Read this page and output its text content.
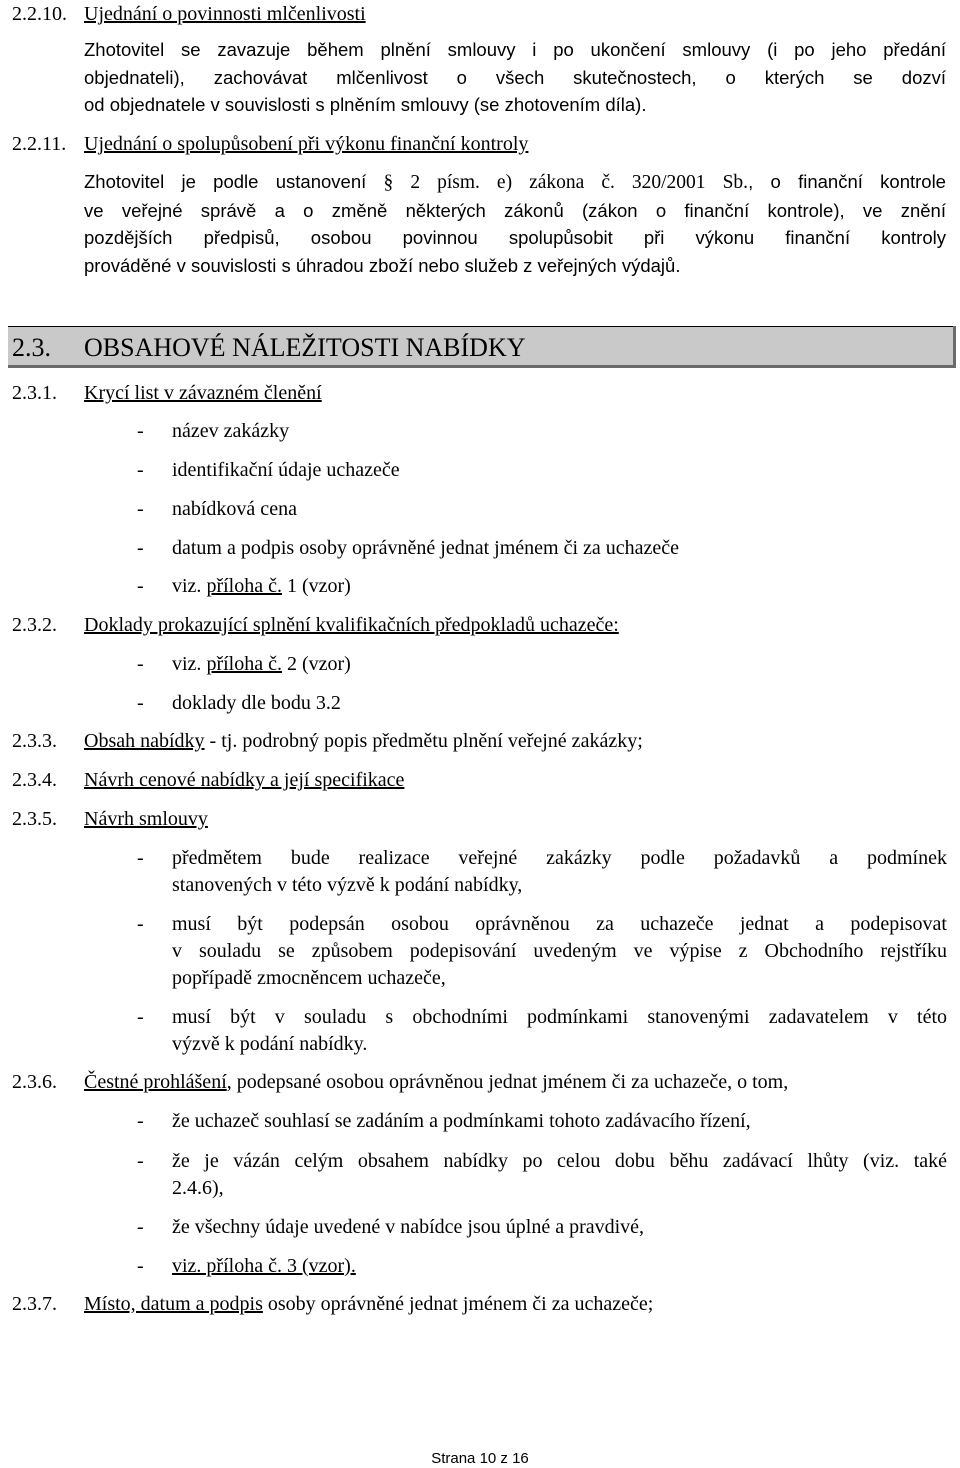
2.2.10. Ujednání o povinnosti mlčenlivosti
Zhotovitel se zavazuje během plnění smlouvy i po ukončení smlouvy (i po jeho předání
objednateli), zachovávat mlčenlivost o všech skutečnostech, o kterých se dozví
od objednatele v souvislosti s plněním smlouvy (se zhotovením díla).
2.2.11. Ujednání o spolupůsobení při výkonu finanční kontroly
Zhotovitel je podle ustanovení § 2 písm. e) zákona č. 320/2001 Sb., o finanční kontrole
ve veřejné správě a o změně některých zákonů (zákon o finanční kontrole), ve znění
pozdějších předpisů, osobou povinnou spolupůsobit při výkonu finanční kontroly
prováděné v souvislosti s úhradou zboží nebo služeb z veřejných výdajů.
2.3. OBSAHOVÉ NÁLEŽITOSTI NABÍDKY
2.3.1. Krycí list v závazném členění
- název zakázky
- identifikační údaje uchazeče
- nabídková cena
- datum a podpis osoby oprávněné jednat jménem či za uchazeče
- viz. příloha č. 1 (vzor)
2.3.2. Doklady prokazující splnění kvalifikačních předpokladů uchazeče:
- viz. příloha č. 2 (vzor)
- doklady dle bodu 3.2
2.3.3. Obsah nabídky - tj. podrobný popis předmětu plnění veřejné zakázky;
2.3.4. Návrh cenové nabídky a její specifikace
2.3.5. Návrh smlouvy
- předmětem bude realizace veřejné zakázky podle požadavků a podmínek
stanovených v této výzvě k podání nabídky,
- musí být podepsán osobou oprávněnou za uchazeče jednat a podepisovat
v souladu se způsobem podepisování uvedeným ve výpise z Obchodního rejstříku
popřípadě zmocněncem uchazeče,
- musí být v souladu s obchodními podmínkami stanovenými zadavatelem v této
výzvě k podání nabídky.
2.3.6. Čestné prohlášení, podepsané osobou oprávněnou jednat jménem či za uchazeče, o tom,
- že uchazeč souhlasí se zadáním a podmínkami tohoto zadávacího řízení,
- že je vázán celým obsahem nabídky po celou dobu běhu zadávací lhůty (viz. také
2.4.6),
- že všechny údaje uvedené v nabídce jsou úplné a pravdivé,
- viz. příloha č. 3 (vzor).
2.3.7. Místo, datum a podpis osoby oprávněné jednat jménem či za uchazeče;
Strana 10 z 16
